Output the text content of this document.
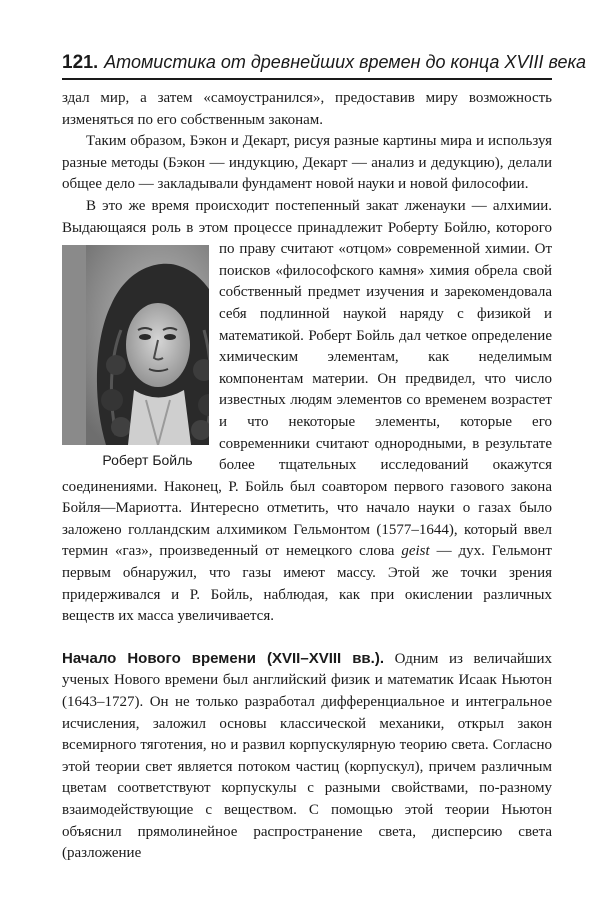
12 1. Атомистика от древнейших времен до конца XVIII века

здал мир, а затем «самоустранился», предоставив миру возможность изменяться по его собственным законам.

Таким образом, Бэкон и Декарт, рисуя разные картины мира и используя разные методы (Бэкон — индукцию, Декарт — анализ и дедукцию), делали общее дело — закладывали фундамент новой науки и новой философии.

В это же время происходит постепенный закат лженауки — алхимии. Выдающаяся роль в этом процессе принадлежит Роберту
Роберт Бойль
Бойлю, которого по праву считают «отцом» современной химии. От поисков «философского камня» химия обрела свой собственный предмет изучения и зарекомендовала себя подлинной наукой наряду с физикой и математикой. Роберт Бойль дал четкое определение химическим элементам, как неделимым компонентам материи. Он предвидел, что число известных людям элементов со временем возрастет и что некоторые элементы, которые его современники считают однородными, в результате более тщательных исследований окажутся соединениями. Наконец, Р. Бойль был соавтором первого газового закона Бойля—Мариотта. Интересно отметить, что начало науки о газах было заложено голландским алхимиком Гельмонтом (1577–1644), который ввел термин «газ», произведенный от немецкого слова geist — дух. Гельмонт первым обнаружил, что газы имеют массу. Этой же точки зрения придерживался и Р. Бойль, наблюдая, как при окислении различных веществ их масса увеличивается.

Начало Нового времени (XVII–XVIII вв.). Одним из величайших ученых Нового времени был английский физик и математик Исаак Ньютон (1643–1727). Он не только разработал дифференциальное и интегральное исчисления, заложил основы классической механики, открыл закон всемирного тяготения, но и развил корпускулярную теорию света. Согласно этой теории свет является потоком частиц (корпускул), причем различным цветам соответствуют корпускулы с разными свойствами, по-разному взаимодействующие с веществом. С помощью этой теории Ньютон объяснил прямолинейное распространение света, дисперсию света (разложение
